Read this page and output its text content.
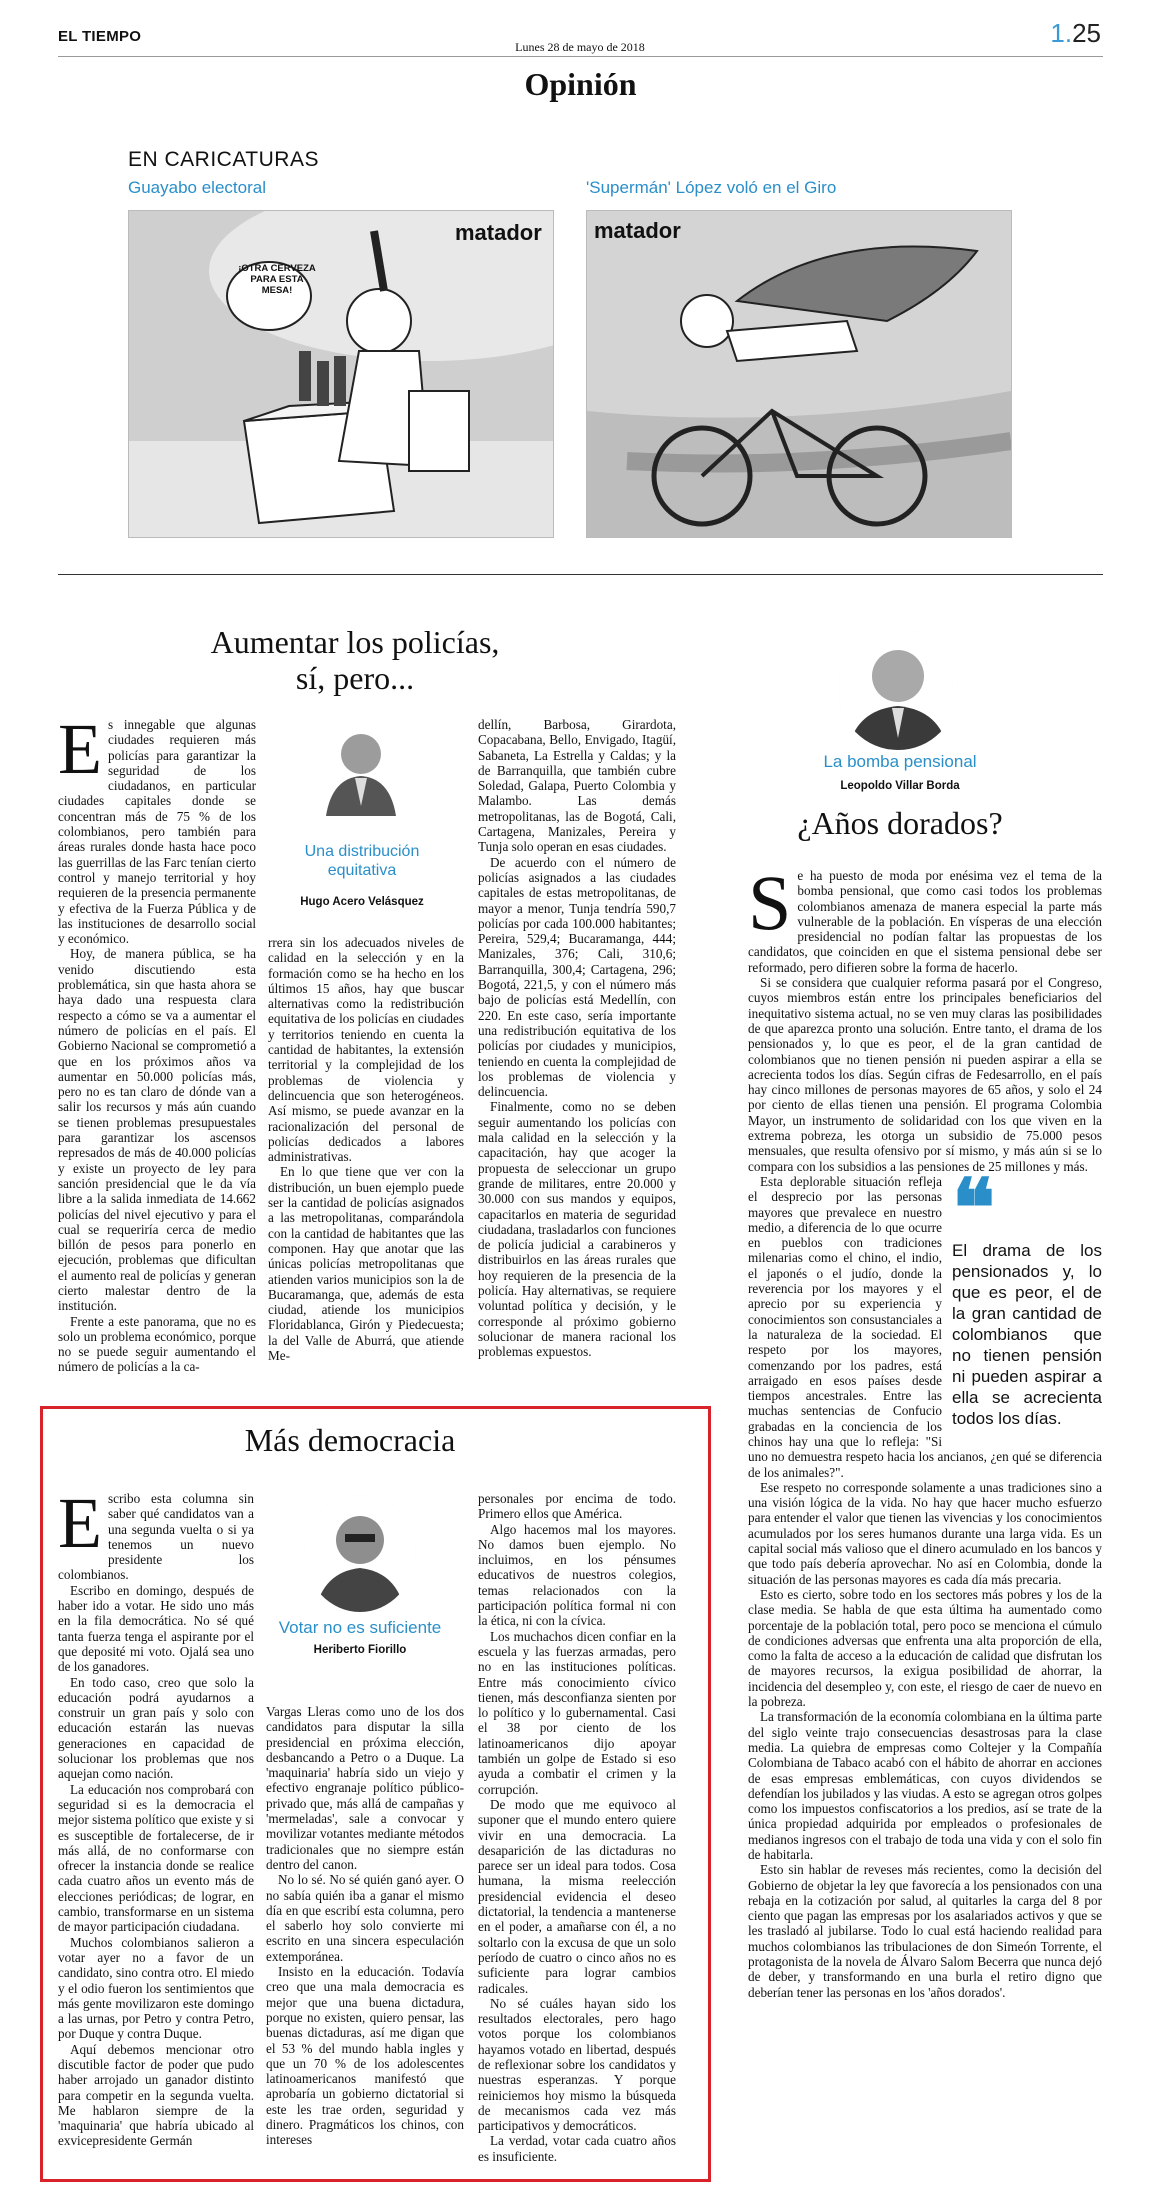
EL TIEMPO
Lunes 28 de mayo de 2018	1.25
Opinión
EN CARICATURAS
Guayabo electoral	'Supermán' López voló en el Giro
¡OTRA CERVEZA PARA ESTA MESA!
matador matador
Aumentar los policías, sí, pero...
E s innegable que algunas ciudades requieren más policías para garantizar la seguridad de los ciudadanos, en particular ciudades capitales donde se concentran más de 75 % de los colombianos, pero también para áreas rurales donde hasta hace poco las guerrillas de las Farc tenían cierto control y manejo territorial y hoy requieren de la presencia permanente y efectiva de la Fuerza Pública y de las instituciones de desarrollo social y económico.

Hoy, de manera pública, se ha venido discutiendo esta problemática, sin que hasta ahora se haya dado una respuesta clara respecto a cómo se va a aumentar el número de policías en el país. El Gobierno Nacional se comprometió a que en los próximos años va aumentar en 50.000 policías más, pero no es tan claro de dónde van a salir los recursos y más aún cuando se tienen problemas presupuestales para garantizar los ascensos represados de más de 40.000 policías y existe un proyecto de ley para sanción presidencial que le da vía libre a la salida inmediata de 14.662 policías del nivel ejecutivo y para el cual se requeriría cerca de medio billón de pesos para ponerlo en ejecución, problemas que dificultan el aumento real de policías y generan cierto malestar dentro de la institución.

Frente a este panorama, que no es solo un problema económico, porque no se puede seguir aumentando el número de policías a la ca-

Una distribución equitativa
Hugo Acero Velásquez

rrera sin los adecuados niveles de calidad en la selección y en la formación como se ha hecho en los últimos 15 años, hay que buscar alternativas como la redistribución equitativa de los policías en ciudades y territorios teniendo en cuenta la cantidad de habitantes, la extensión territorial y la complejidad de los problemas de violencia y delincuencia que son heterogéneos. Así mismo, se puede avanzar en la racionalización del personal de policías dedicados a labores administrativas.

En lo que tiene que ver con la distribución, un buen ejemplo puede ser la cantidad de policías asignados a las metropolitanas, comparándola con la cantidad de habitantes que las componen. Hay que anotar que las únicas policías metropolitanas que atienden varios municipios son la de Bucaramanga, que, además de esta ciudad, atiende los municipios Floridablanca, Girón y Piedecuesta; la del Valle de Aburrá, que atiende Me-

dellín, Barbosa, Girardota, Copacabana, Bello, Envigado, Itagüí, Sabaneta, La Estrella y Caldas; y la de Barranquilla, que también cubre Soledad, Galapa, Puerto Colombia y Malambo. Las demás metropolitanas, las de Bogotá, Cali, Cartagena, Manizales, Pereira y Tunja solo operan en esas ciudades.

De acuerdo con el número de policías asignados a las ciudades capitales de estas metropolitanas, de mayor a menor, Tunja tendría 590,7 policías por cada 100.000 habitantes; Pereira, 529,4; Bucaramanga, 444; Manizales, 376; Cali, 310,6; Barranquilla, 300,4; Cartagena, 296; Bogotá, 221,5, y con el número más bajo de policías está Medellín, con 220. En este caso, sería importante una redistribución equitativa de los policías por ciudades y municipios, teniendo en cuenta la complejidad de los problemas de violencia y delincuencia.

Finalmente, como no se deben seguir aumentando los policías con mala calidad en la selección y la capacitación, hay que acoger la propuesta de seleccionar un grupo grande de militares, entre 20.000 y 30.000 con sus mandos y equipos, capacitarlos en materia de seguridad ciudadana, trasladarlos con funciones de policía judicial a carabineros y distribuirlos en las áreas rurales que hoy requieren de la presencia de la policía. Hay alternativas, se requiere voluntad política y decisión, y le corresponde al próximo gobierno solucionar de manera racional los problemas expuestos.

Más democracia
E scribo esta columna sin saber qué candidatos van a una segunda vuelta o si ya tenemos un nuevo presidente los colombianos.

Escribo en domingo, después de haber ido a votar. He sido uno más en la fila democrática. No sé qué tanta fuerza tenga el aspirante por el que deposité mi voto. Ojalá sea uno de los ganadores.

En todo caso, creo que solo la educación podrá ayudarnos a construir un gran país y solo con educación estarán las nuevas generaciones en capacidad de solucionar los problemas que nos aquejan como nación.

La educación nos comprobará con seguridad si es la democracia el mejor sistema político que existe y si es susceptible de fortalecerse, de ir más allá, de no conformarse con ofrecer la instancia donde se realice cada cuatro años un evento más de elecciones periódicas; de lograr, en cambio, transformarse en un sistema de mayor participación ciudadana.

Muchos colombianos salieron a votar ayer no a favor de un candidato, sino contra otro. El miedo y el odio fueron los sentimientos que más gente movilizaron este domingo a las urnas, por Petro y contra Petro, por Duque y contra Duque.

Aquí debemos mencionar otro discutible factor de poder que pudo haber arrojado un ganador distinto para competir en la segunda vuelta. Me hablaron siempre de la 'maquinaria' que habría ubicado al exvicepresidente Germán

Votar no es suficiente
Heriberto Fiorillo

Vargas Lleras como uno de los dos candidatos para disputar la silla presidencial en próxima elección, desbancando a Petro o a Duque. La 'maquinaria' habría sido un viejo y efectivo engranaje político público-privado que, más allá de campañas y 'mermeladas', sale a convocar y movilizar votantes mediante métodos tradicionales que no siempre están dentro del canon.

No lo sé. No sé quién ganó ayer. O no sabía quién iba a ganar el mismo día en que escribí esta columna, pero el saberlo hoy solo convierte mi escrito en una sincera especulación extemporánea.

Insisto en la educación. Todavía creo que una mala democracia es mejor que una buena dictadura, porque no existen, quiero pensar, las buenas dictaduras, así me digan que el 53 % del mundo habla ingles y que un 70 % de los adolescentes latinoamericanos manifestó que aprobaría un gobierno dictatorial si este les trae orden, seguridad y dinero. Pragmáticos los chinos, con intereses

personales por encima de todo. Primero ellos que América.

Algo hacemos mal los mayores. No damos buen ejemplo. No incluimos, en los pénsumes educativos de nuestros colegios, temas relacionados con la participación política formal ni con la ética, ni con la cívica.

Los muchachos dicen confiar en la escuela y las fuerzas armadas, pero no en las instituciones políticas. Entre más conocimiento cívico tienen, más desconfianza sienten por lo político y lo gubernamental. Casi el 38 por ciento de los latinoamericanos dijo apoyar también un golpe de Estado si eso ayuda a combatir el crimen y la corrupción.

De modo que me equivoco al suponer que el mundo entero quiere vivir en una democracia. La desaparición de las dictaduras no parece ser un ideal para todos. Cosa humana, la misma reelección presidencial evidencia el deseo dictatorial, la tendencia a mantenerse en el poder, a amañarse con él, a no soltarlo con la excusa de que un solo período de cuatro o cinco años no es suficiente para lograr cambios radicales.

No sé cuáles hayan sido los resultados electorales, pero hago votos porque los colombianos hayamos votado en libertad, después de reflexionar sobre los candidatos y nuestras esperanzas. Y porque reiniciemos hoy mismo la búsqueda de mecanismos cada vez más participativos y democráticos.

La verdad, votar cada cuatro años es insuficiente.

La bomba pensional
Leopoldo Villar Borda
¿Años dorados?
S e ha puesto de moda por enésima vez el tema de la bomba pensional, que como casi todos los problemas colombianos amenaza de manera especial la parte más vulnerable de la población. En vísperas de una elección presidencial no podían faltar las propuestas de los candidatos, que coinciden en que el sistema pensional debe ser reformado, pero difieren sobre la forma de hacerlo.

Si se considera que cualquier reforma pasará por el Congreso, cuyos miembros están entre los principales beneficiarios del inequitativo sistema actual, no se ven muy claras las posibilidades de que aparezca pronto una solución. Entre tanto, el drama de los pensionados y, lo que es peor, el de la gran cantidad de colombianos que no tienen pensión ni pueden aspirar a ella se acrecienta todos los días. Según cifras de Fedesarrollo, en el país hay cinco millones de personas mayores de 65 años, y solo el 24 por ciento de ellas tienen una pensión. El programa Colombia Mayor, un instrumento de solidaridad con los que viven en la extrema pobreza, les otorga un subsidio de 75.000 pesos mensuales, que resulta ofensivo por sí mismo, y más aún si se lo compara con los subsidios a las pensiones de 25 millones y más.

❝
El drama de los pensionados y, lo que es peor, el de la gran cantidad de colombianos que no tienen pensión ni pueden aspirar a ella se acrecienta todos los días.

Esta deplorable situación refleja el desprecio por las personas mayores que prevalece en nuestro medio, a diferencia de lo que ocurre en pueblos con tradiciones milenarias como el chino, el indio, el japonés o el judío, donde la reverencia por los mayores y el aprecio por su experiencia y conocimientos son consustanciales a la naturaleza de la sociedad. El respeto por los mayores, comenzando por los padres, está arraigado en esos países desde tiempos ancestrales. Entre las muchas sentencias de Confucio grabadas en la conciencia de los chinos hay una que lo refleja: "Si uno no demuestra respeto hacia los ancianos, ¿en qué se diferencia de los animales?".

Ese respeto no corresponde solamente a unas tradiciones sino a una visión lógica de la vida. No hay que hacer mucho esfuerzo para entender el valor que tienen las vivencias y los conocimientos acumulados por los seres humanos durante una larga vida. Es un capital social más valioso que el dinero acumulado en los bancos y que todo país debería aprovechar. No así en Colombia, donde la situación de las personas mayores es cada día más precaria.

Esto es cierto, sobre todo en los sectores más pobres y los de la clase media. Se habla de que esta última ha aumentado como porcentaje de la población total, pero poco se menciona el cúmulo de condiciones adversas que enfrenta una alta proporción de ella, como la falta de acceso a la educación de calidad que disfrutan los de mayores recursos, la exigua posibilidad de ahorrar, la incidencia del desempleo y, con este, el riesgo de caer de nuevo en la pobreza.

La transformación de la economía colombiana en la última parte del siglo veinte trajo consecuencias desastrosas para la clase media. La quiebra de empresas como Coltejer y la Compañía Colombiana de Tabaco acabó con el hábito de ahorrar en acciones de esas empresas emblemáticas, con cuyos dividendos se defendían los jubilados y las viudas. A esto se agregan otros golpes como los impuestos confiscatorios a los predios, así se trate de la única propiedad adquirida por empleados o profesionales de medianos ingresos con el trabajo de toda una vida y con el solo fin de habitarla.

Esto sin hablar de reveses más recientes, como la decisión del Gobierno de objetar la ley que favorecía a los pensionados con una rebaja en la cotización por salud, al quitarles la carga del 8 por ciento que pagan las empresas por los asalariados activos y que se les trasladó al jubilarse. Todo lo cual está haciendo realidad para muchos colombianos las tribulaciones de don Simeón Torrente, el protagonista de la novela de Álvaro Salom Becerra que nunca dejó de deber, y transformando en una burla el retiro digno que deberían tener las personas en los 'años dorados'.
